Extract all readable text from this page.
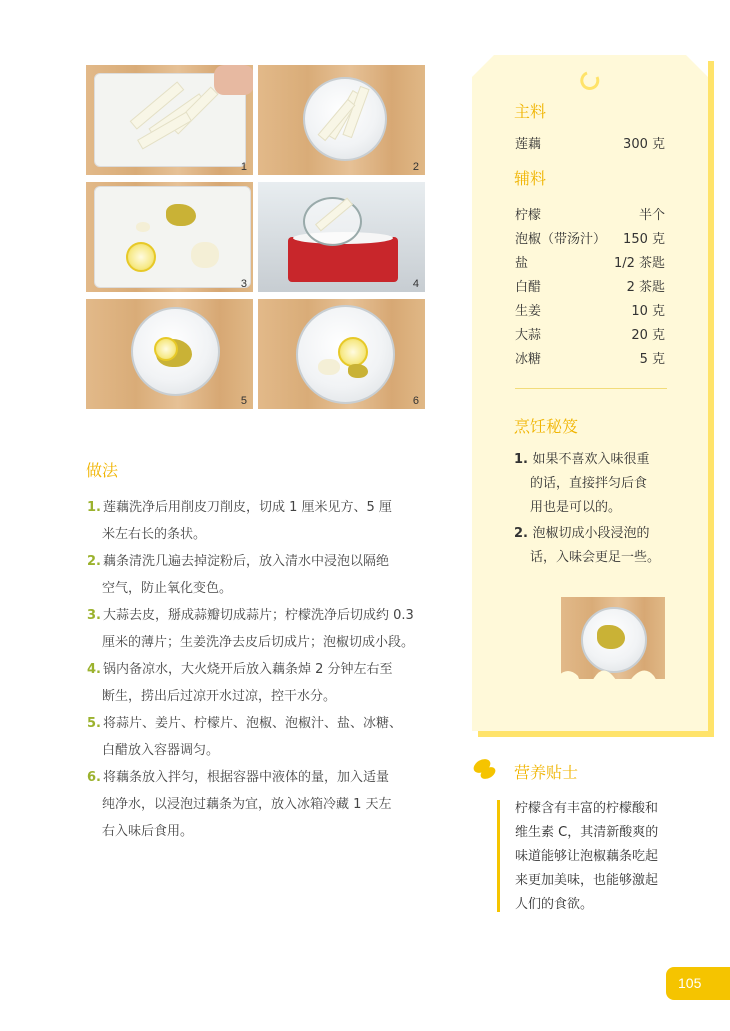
1	2
3	4
5	6
做法
1. 莲藕洗净后用削皮刀削皮，切成 1 厘米见方、5 厘
米左右长的条状。
2. 藕条清洗几遍去掉淀粉后，放入清水中浸泡以隔绝
空气，防止氧化变色。
3. 大蒜去皮，掰成蒜瓣切成蒜片；柠檬洗净后切成约 0.3
厘米的薄片；生姜洗净去皮后切成片；泡椒切成小段。
4. 锅内备凉水，大火烧开后放入藕条焯 2 分钟左右至
断生，捞出后过凉开水过凉，控干水分。
5. 将蒜片、姜片、柠檬片、泡椒、泡椒汁、盐、冰糖、
白醋放入容器调匀。
6. 将藕条放入拌匀，根据容器中液体的量，加入适量
纯净水，以浸泡过藕条为宜，放入冰箱冷藏 1 天左
右入味后食用。
主料
莲藕	300 克
辅料
柠檬	半个
泡椒（带汤汁） 150 克
盐	1/2 茶匙
白醋	2 茶匙
生姜	10 克
大蒜	20 克
冰糖	5 克
烹饪秘笈
1. 如果不喜欢入味很重
的话，直接拌匀后食
用也是可以的。
2. 泡椒切成小段浸泡的
话，入味会更足一些。
营养贴士
柠檬含有丰富的柠檬酸和
维生素 C，其清新酸爽的
味道能够让泡椒藕条吃起
来更加美味，也能够激起
人们的食欲。
105
